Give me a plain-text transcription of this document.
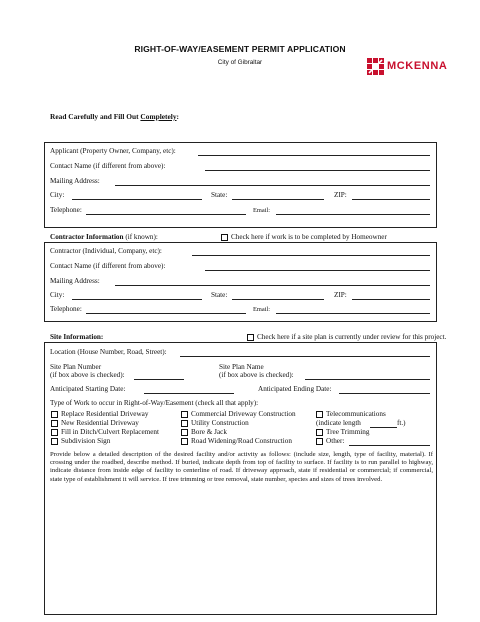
RIGHT-OF-WAY/EASEMENT PERMIT APPLICATION
City of Gibraltar	MCKENNA
Read Carefully and Fill Out Completely:
Applicant (Property Owner, Company, etc):
Contact Name (if different from above):
Mailing Address:
City:	State:	ZIP:
Telephone:	Email:
Contractor Information (if known):	Check here if work is to be completed by Homeowner
Contractor (Individual, Company, etc):
Contact Name (if different from above):
Mailing Address:
City:	State:	ZIP:
Telephone:	Email:
Site Information:	Check here if a site plan is currently under review for this project.
Location (House Number, Road, Street):
Site Plan Number
(if box above is checked):
Site Plan Name
(if box above is checked):
Anticipated Starting Date:	Anticipated Ending Date:
Type of Work to occur in Right-of-Way/Easement (check all that apply):
Replace Residential Driveway
New Residential Driveway
Fill in Ditch/Culvert Replacement
Subdivision Sign
Commercial Driveway Construction
Utility Construction
Bore & Jack
Road Widening/Road Construction
Telecommunications
(indicate length	ft.)
Tree Trimming
Other:
Provide below a detailed description of the desired facility and/or activity as follows: (include size, length, type of facility, material). If crossing under the roadbed, describe method. If buried, indicate depth from top of facility to surface. If facility is to run parallel to highway, indicate distance from inside edge of facility to centerline of road. If driveway approach, state if residential or commercial; if commercial, state type of establishment it will service. If tree trimming or tree removal, state number, species and sizes of trees involved.
